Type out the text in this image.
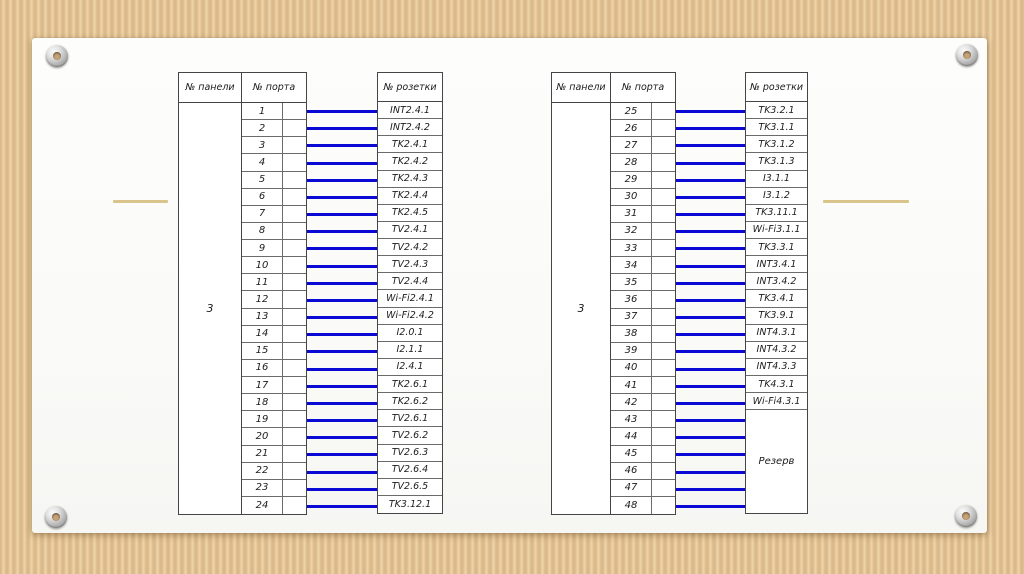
№ панели
3
№ порта
1
2
3
4
5
6
7
8
9
10
11
12
13
14
15
16
17
18
19
20
21
22
23
24
№ розетки
INT2.4.1
INT2.4.2
TK2.4.1
TK2.4.2
TK2.4.3
TK2.4.4
TK2.4.5
TV2.4.1
TV2.4.2
TV2.4.3
TV2.4.4
Wi-Fi2.4.1
Wi-Fi2.4.2
I2.0.1
I2.1.1
I2.4.1
TK2.6.1
TK2.6.2
TV2.6.1
TV2.6.2
TV2.6.3
TV2.6.4
TV2.6.5
TK3.12.1
№ панели
3
№ порта
25
26
27
28
29
30
31
32
33
34
35
36
37
38
39
40
41
42
43
44
45
46
47
48
№ розетки
TK3.2.1
TK3.1.1
TK3.1.2
TK3.1.3
I3.1.1
I3.1.2
TK3.11.1
Wi-Fi3.1.1
TK3.3.1
INT3.4.1
INT3.4.2
TK3.4.1
TK3.9.1
INT4.3.1
INT4.3.2
INT4.3.3
TK4.3.1
Wi-Fi4.3.1
Резерв
